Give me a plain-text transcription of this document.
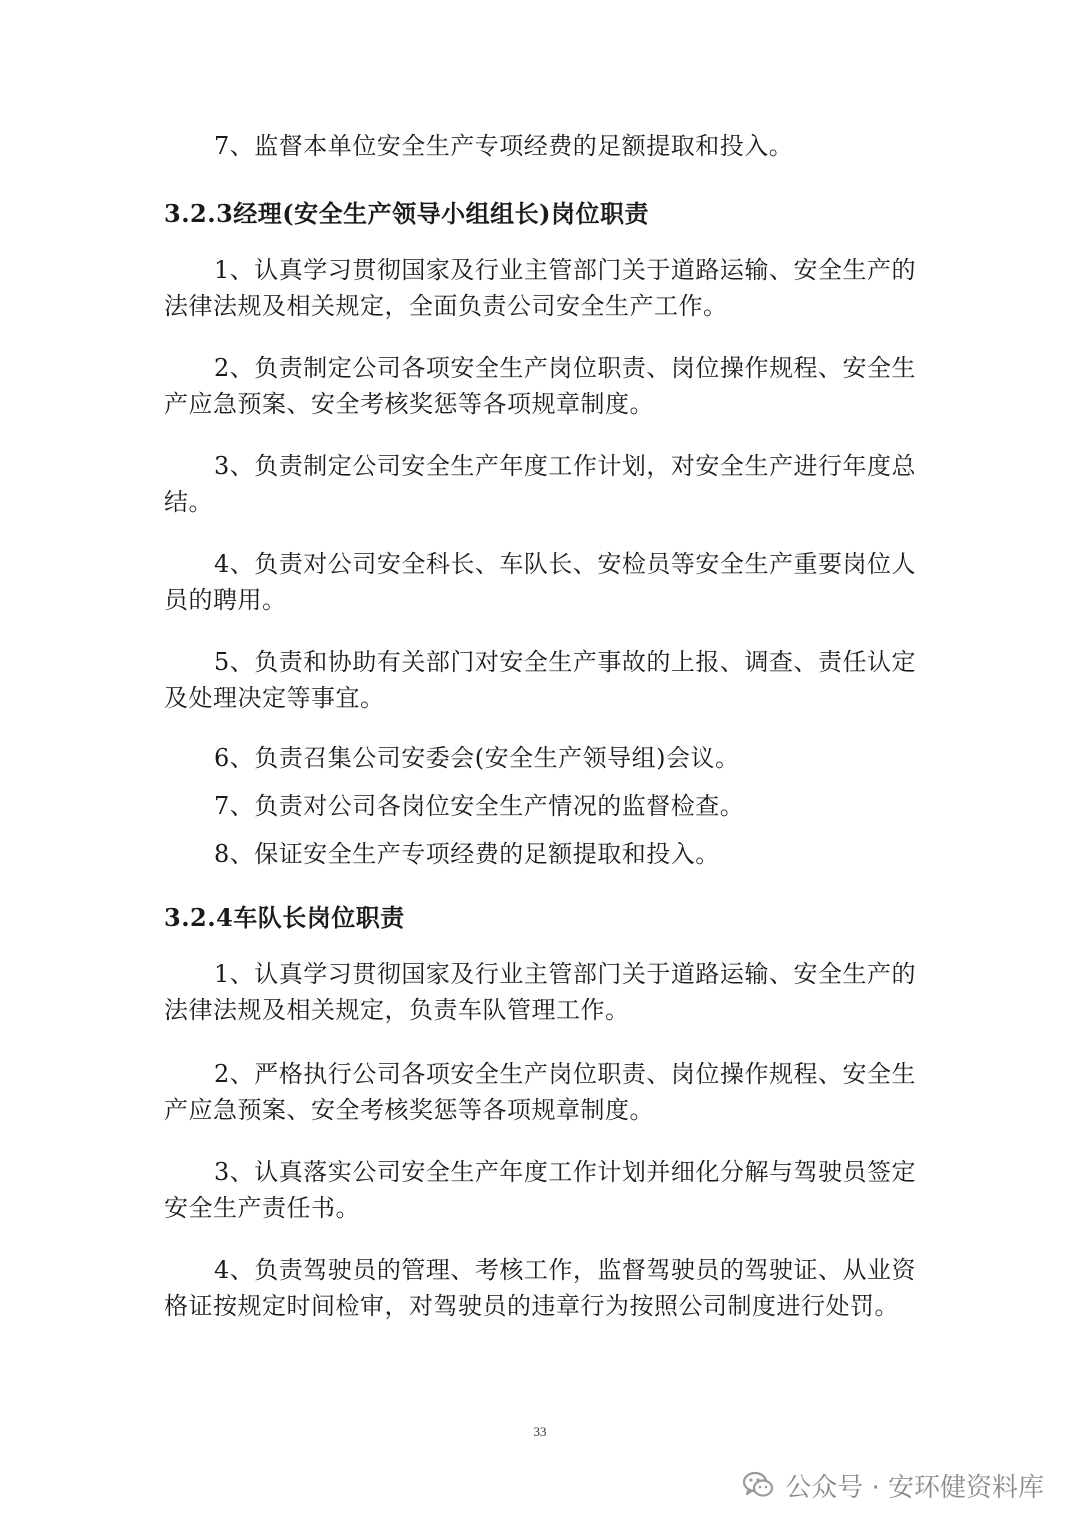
7、监督本单位安全生产专项经费的足额提取和投入。

3.2.3经理(安全生产领导小组组长)岗位职责

1、认真学习贯彻国家及行业主管部门关于道路运输、安全生产的法律法规及相关规定，全面负责公司安全生产工作。

2、负责制定公司各项安全生产岗位职责、岗位操作规程、安全生产应急预案、安全考核奖惩等各项规章制度。

3、负责制定公司安全生产年度工作计划，对安全生产进行年度总结。

4、负责对公司安全科长、车队长、安检员等安全生产重要岗位人员的聘用。

5、负责和协助有关部门对安全生产事故的上报、调查、责任认定及处理决定等事宜。

6、负责召集公司安委会(安全生产领导组)会议。

7、负责对公司各岗位安全生产情况的监督检查。

8、保证安全生产专项经费的足额提取和投入。

3.2.4车队长岗位职责

1、认真学习贯彻国家及行业主管部门关于道路运输、安全生产的法律法规及相关规定，负责车队管理工作。

2、严格执行公司各项安全生产岗位职责、岗位操作规程、安全生产应急预案、安全考核奖惩等各项规章制度。

3、认真落实公司安全生产年度工作计划并细化分解与驾驶员签定安全生产责任书。

4、负责驾驶员的管理、考核工作，监督驾驶员的驾驶证、从业资格证按规定时间检审，对驾驶员的违章行为按照公司制度进行处罚。

33
公众号 · 安环健资料库
